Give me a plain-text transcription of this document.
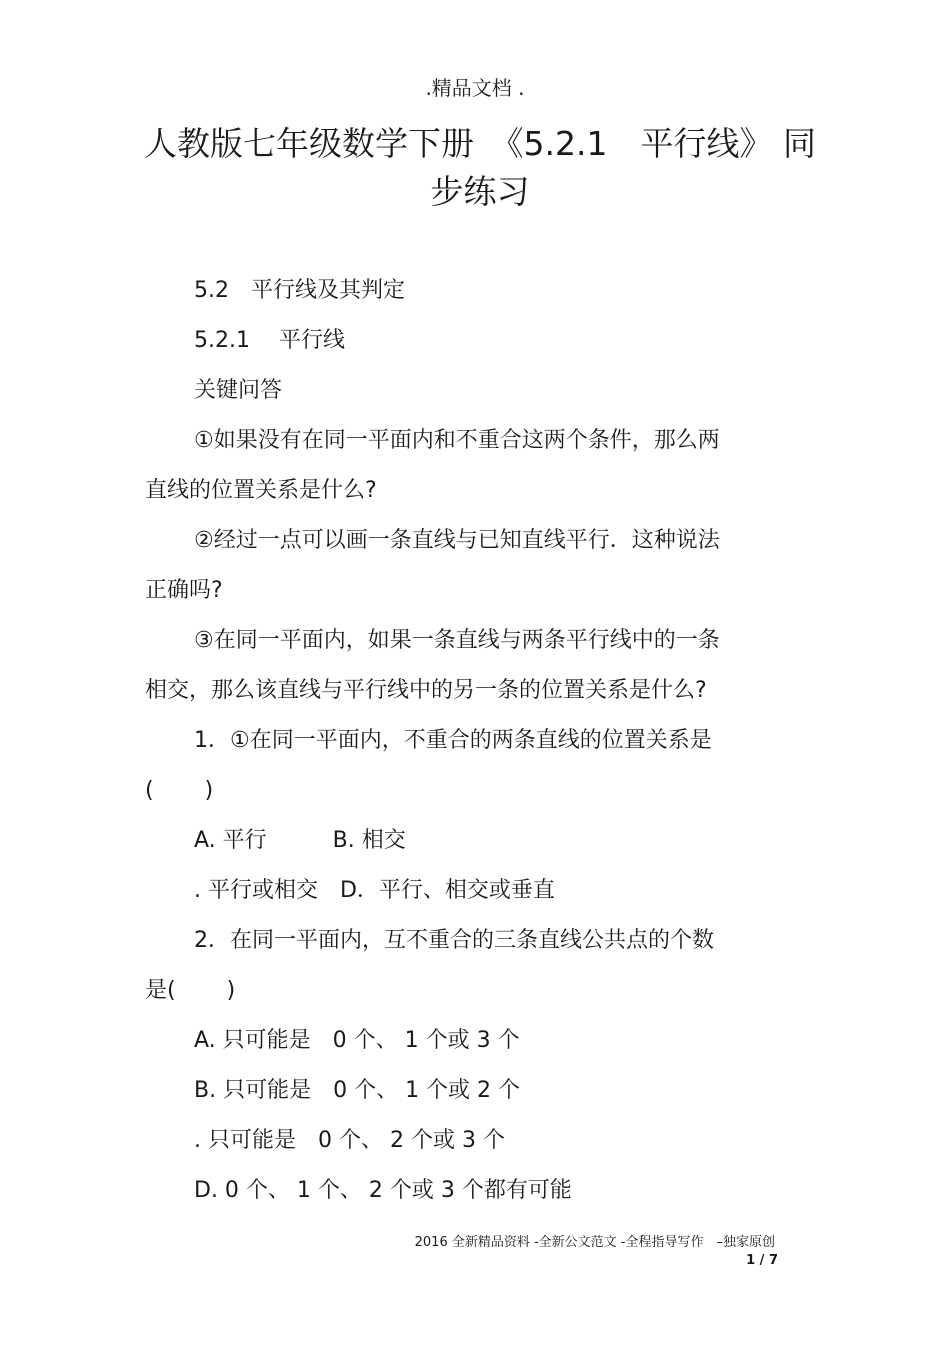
.精品文档 .
人教版七年级数学下册　《5.2.1　平行线》 同
步练习
5.2　平行线及其判定
5.2.1　 平行线
关键问答
①如果没有在同一平面内和不重合这两个条件，那么两
直线的位置关系是什么?
②经过一点可以画一条直线与已知直线平行．这种说法
正确吗?
③在同一平面内，如果一条直线与两条平行线中的一条
相交，那么该直线与平行线中的另一条的位置关系是什么?
1．①在同一平面内，不重合的两条直线的位置关系是
(　　 )
A. 平行　　　B. 相交
. 平行或相交　D．平行、相交或垂直
2．在同一平面内，互不重合的三条直线公共点的个数
是(　　 )
A. 只可能是　0 个、 1 个或 3 个
B. 只可能是　0 个、 1 个或 2 个
. 只可能是　0 个、 2 个或 3 个
D. 0 个、 1 个、 2 个或 3 个都有可能
2016 全新精品资料 -全新公文范文 -全程指导写作　–独家原创
1 / 7
